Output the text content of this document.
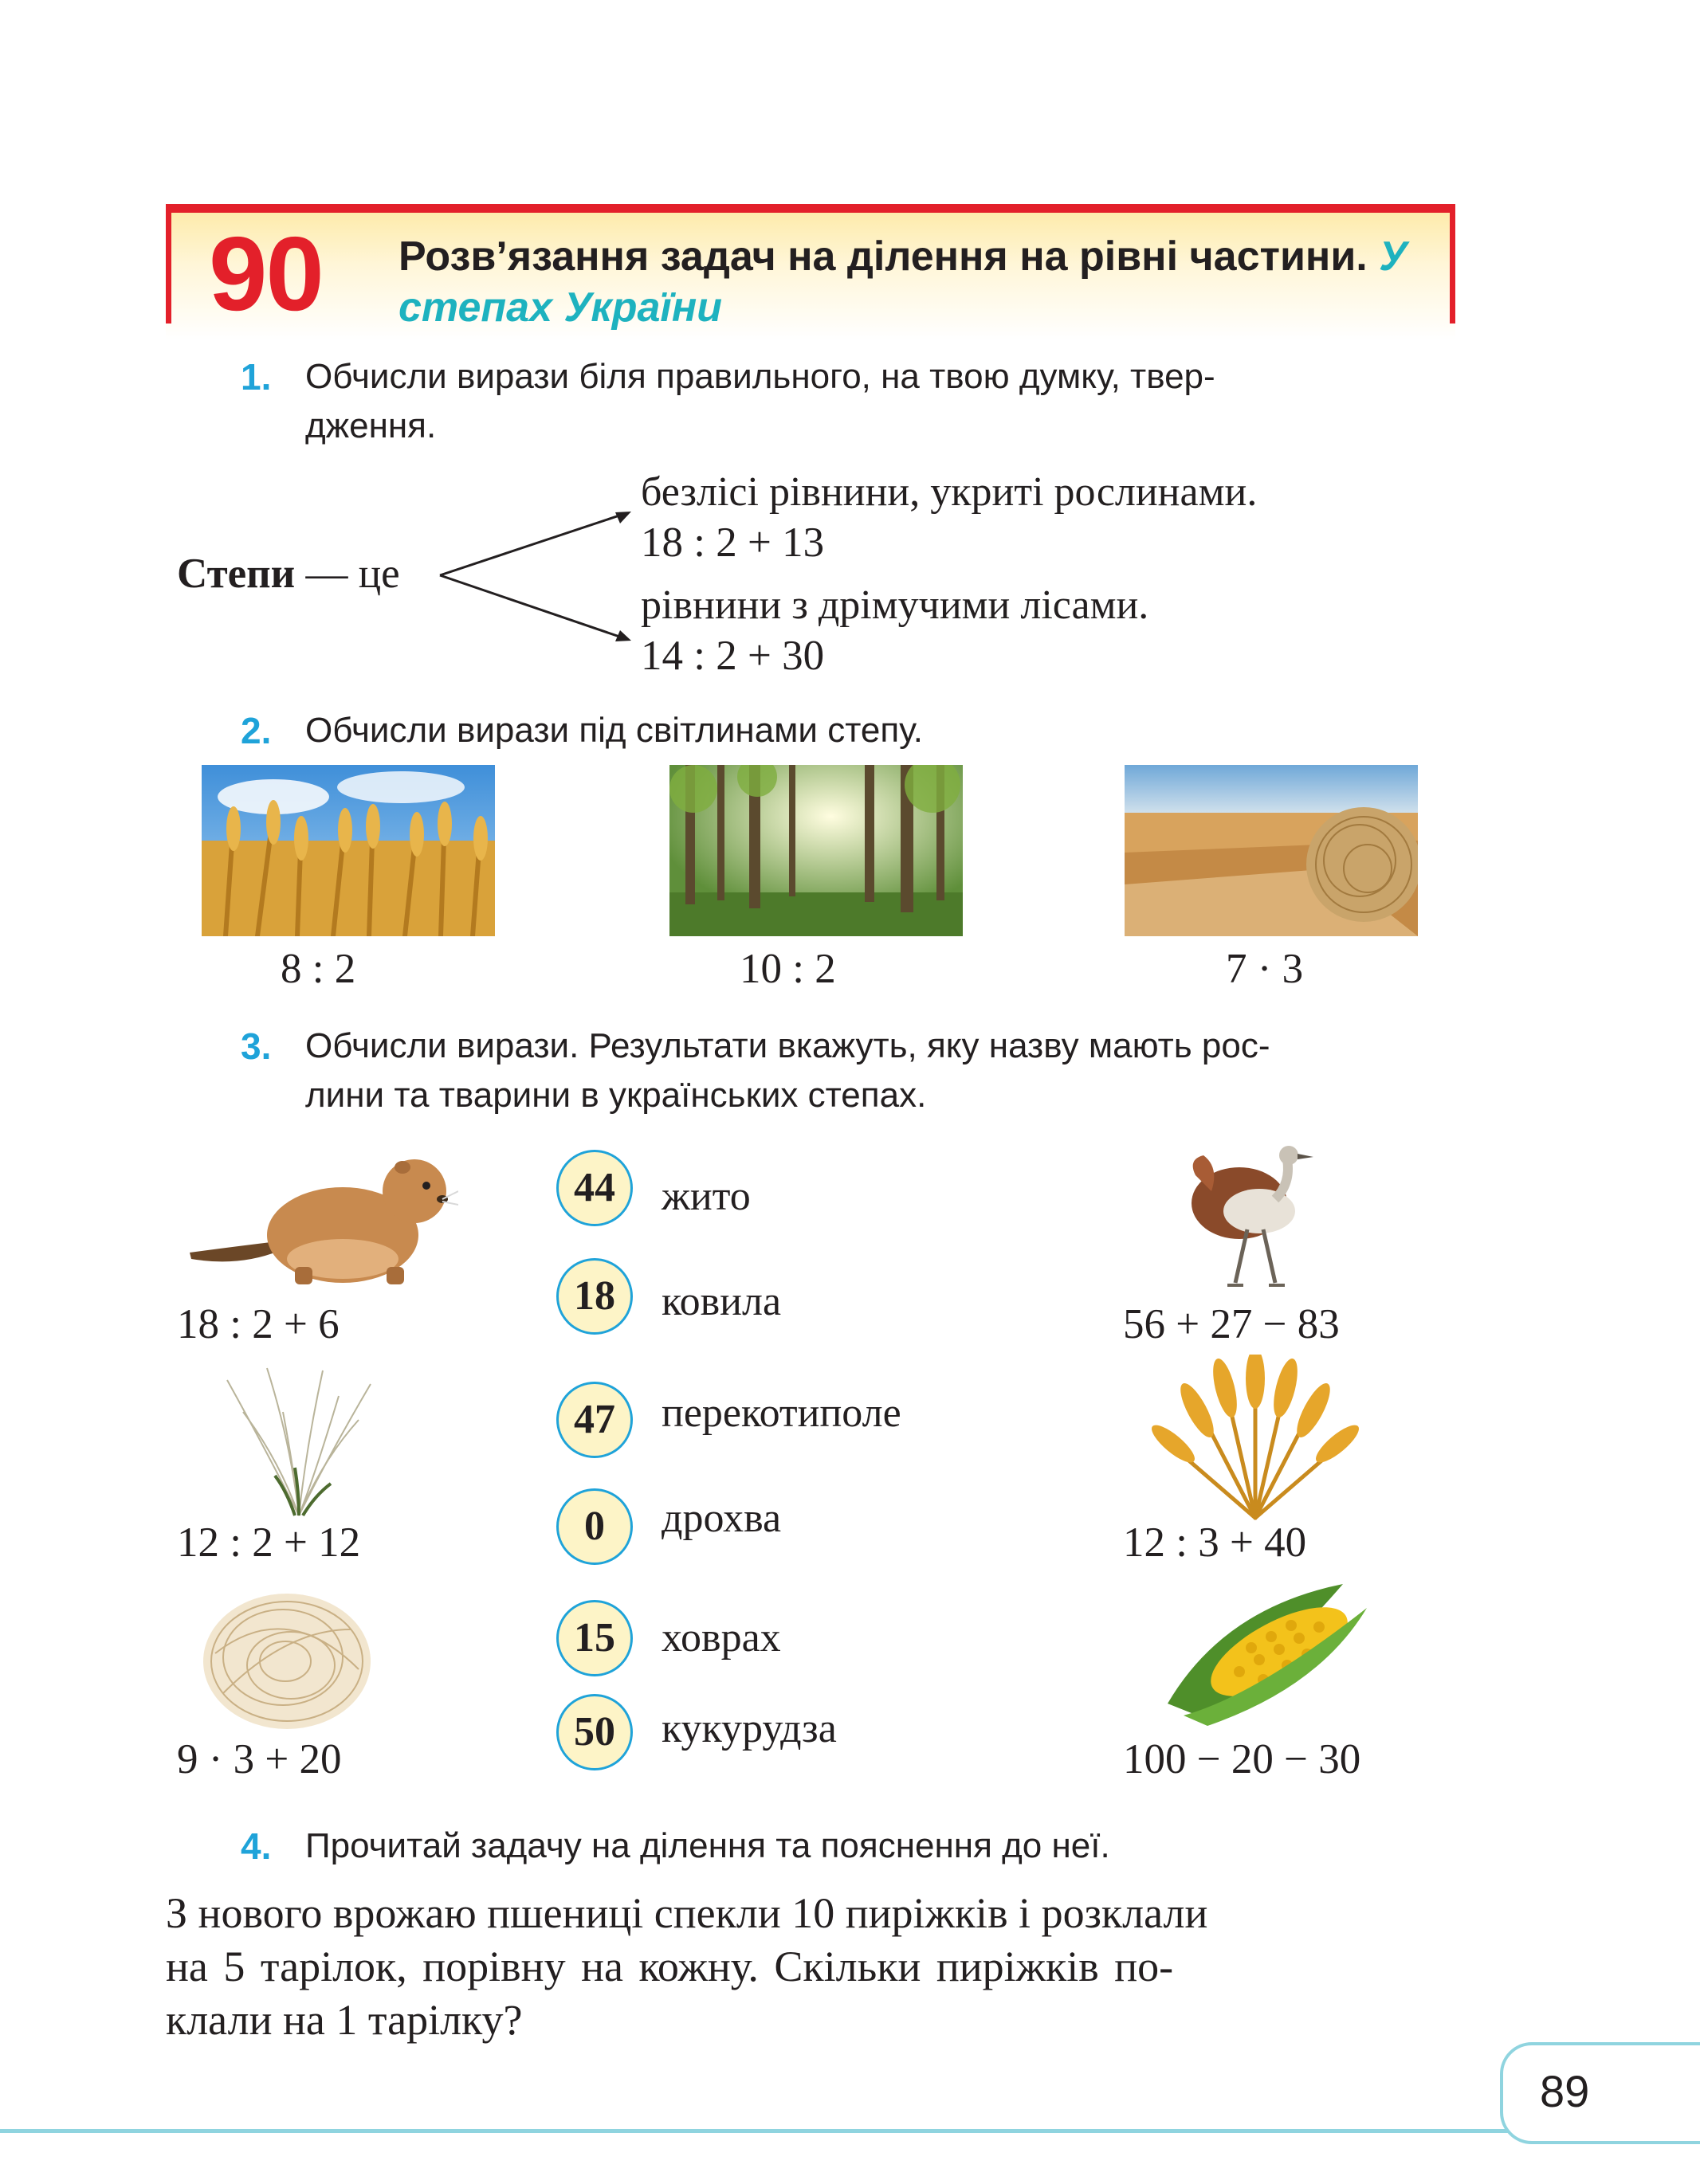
90 Розв’язання задач на ділення на рівні частини. У степах України
1. Обчисли вирази біля правильного, на твою думку, твер-
дження.
Степи — це
безлісі рівнини, укриті рослинами.
18 : 2 + 13
рівнини з дрімучими лісами.
14 : 2 + 30
2. Обчисли вирази під світлинами степу.
8 : 2	10 : 2	7 · 3
3. Обчисли вирази. Результати вкажуть, яку назву мають рос-
лини та тварини в українських степах.
18 : 2 + 6
12 : 2 + 12
9 · 3 + 20
44	жито
18	ковила
47	перекотиполе
0	дрохва
15	ховрах
50	кукурудза
56 + 27 − 83
12 : 3 + 40
100 − 20 − 30
4. Прочитай задачу на ділення та пояснення до неї.
З нового врожаю пшениці спекли 10 пиріжків і розклали
на 5 тарілок, порівну на кожну. Скільки пиріжків по-
клали на 1 тарілку?
89
